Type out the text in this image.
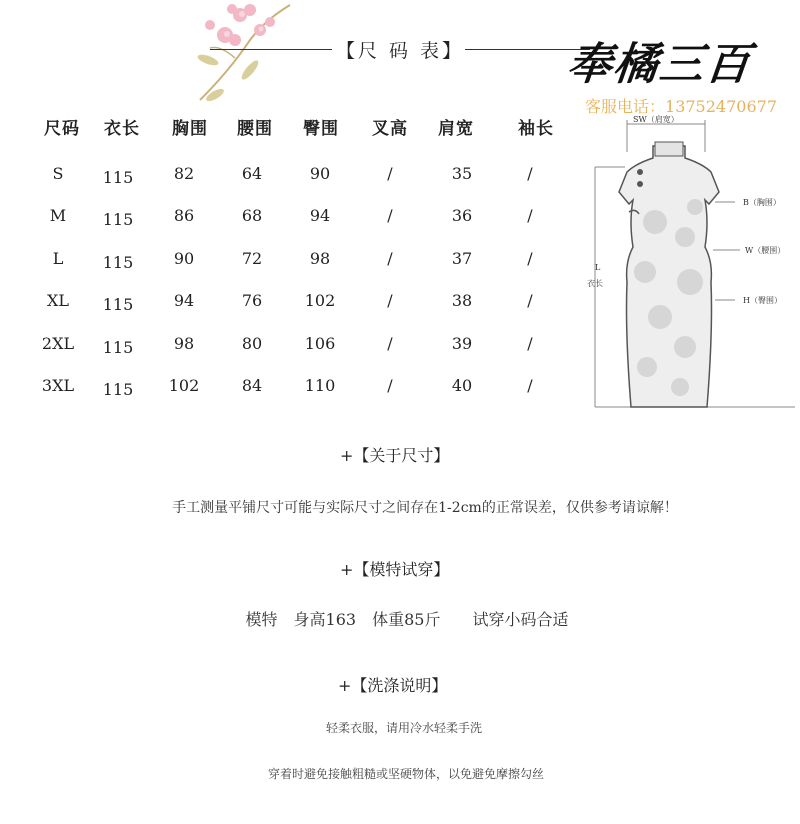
【尺 码 表】 奉橘三百
客服电话：13752470677
尺码	衣长	胸围	腰围	臀围	叉高	肩宽	袖长
S	115	82	64	90	/	35	/
M	115	86	68	94	/	36	/
L	115	90	72	98	/	37	/
XL	115	94	76	102	/	38	/
2XL	115	98	80	106	/	39	/
3XL	115	102	84	110	/	40	/
SW（肩宽）
B（胸围）
W（腰围）
H（臀围）
L
衣长
+【关于尺寸】
手工测量平铺尺寸可能与实际尺寸之间存在1-2cm的正常误差，仅供参考请谅解！
+【模特试穿】
模特　身高163　体重85斤　　试穿小码合适
+【洗涤说明】
轻柔衣服，请用冷水轻柔手洗
穿着时避免接触粗糙或坚硬物体，以免避免摩擦勾丝
